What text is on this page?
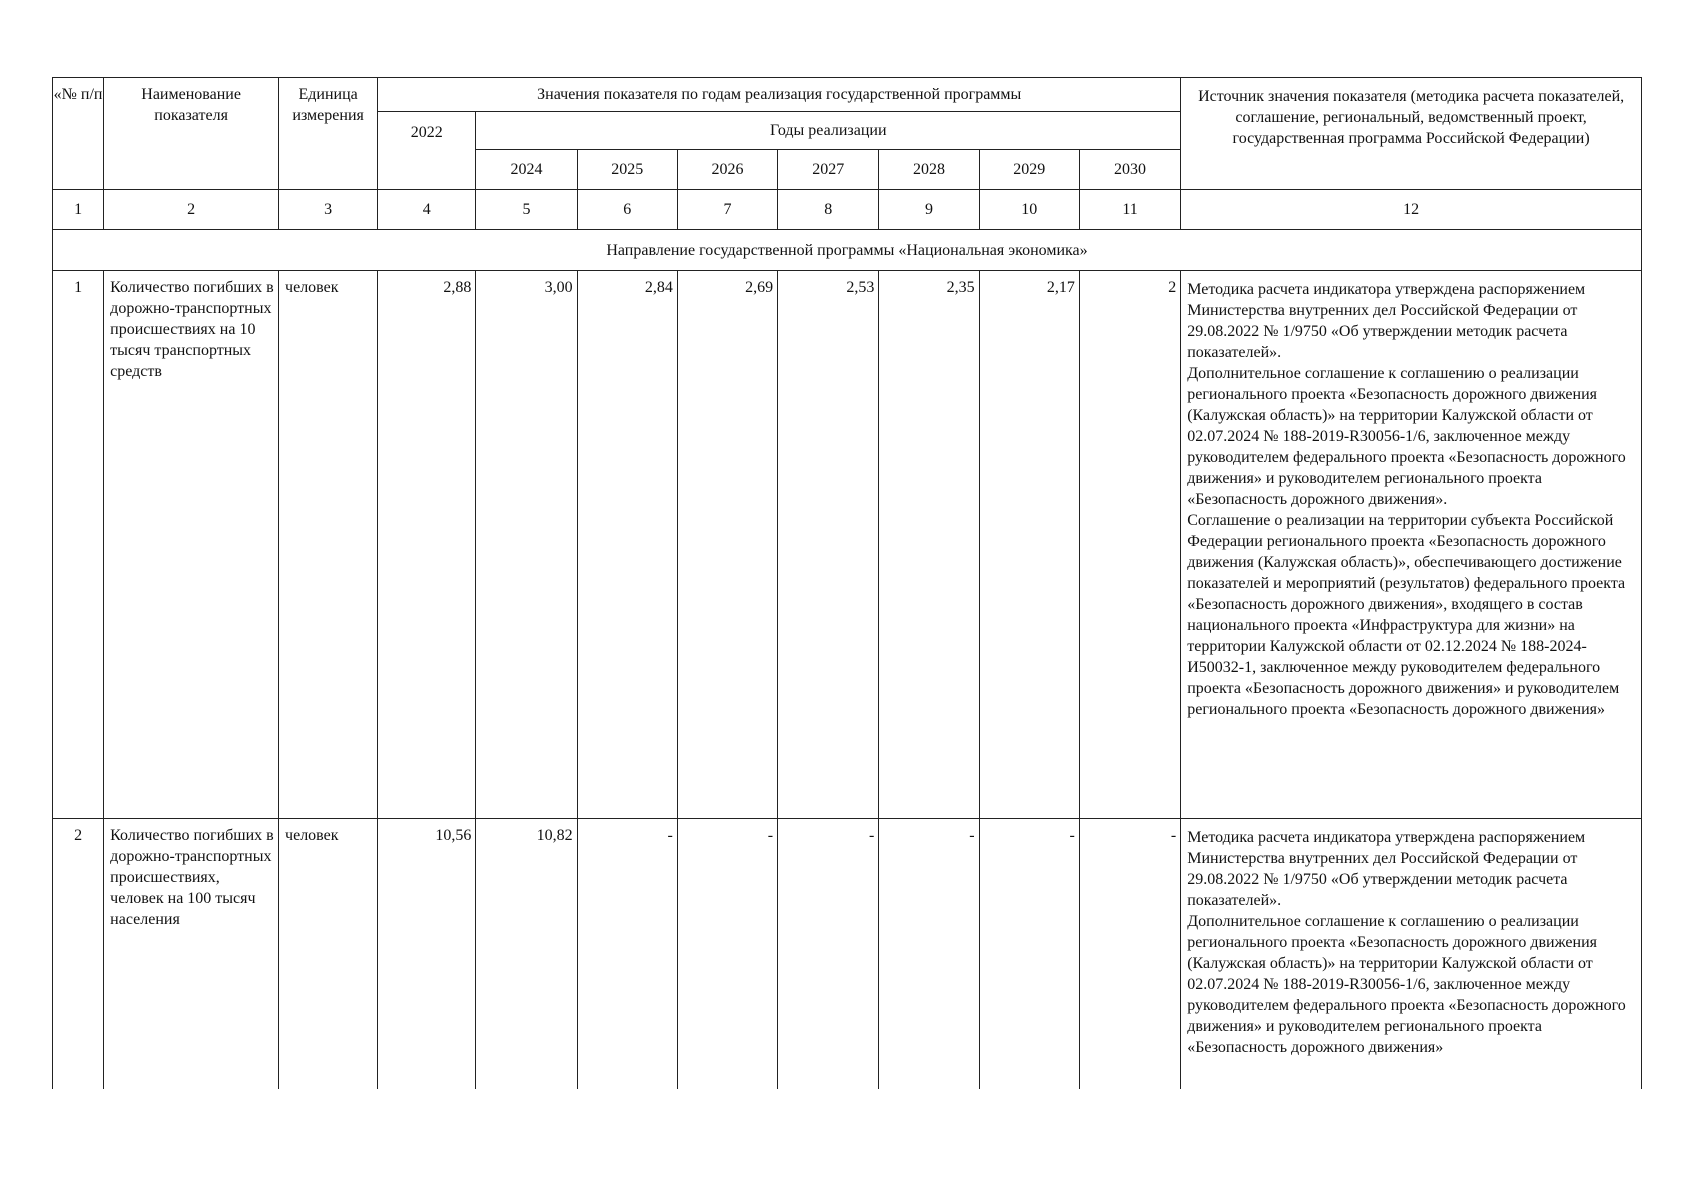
«№ п/п	Наименование показателя	Единица измерения	Значения показателя по годам реализация государственной программы								Источник значения показателя (методика расчета показателей, соглашение, региональный, ведомственный проект, государственная программа Российской Федерации)
			2022	Годы реализации							
				2024	2025	2026	2027	2028	2029	2030	
1	2	3	4	5	6	7	8	9	10	11	12
Направление государственной программы «Национальная экономика»											
1	Количество погибших в дорожно-транспортных происшествиях на 10 тысяч транспортных средств	человек	2,88	3,00	2,84	2,69	2,53	2,35	2,17	2	Методика расчета индикатора утверждена распоряжением Министерства внутренних дел Российской Федерации от 29.08.2022 № 1/9750 «Об утверждении методик расчета показателей».
Дополнительное соглашение к соглашению о реализации регионального проекта «Безопасность дорожного движения (Калужская область)» на территории Калужской области от 02.07.2024 № 188-2019-R30056-1/6, заключенное между руководителем федерального проекта «Безопасность дорожного движения» и руководителем регионального проекта «Безопасность дорожного движения».
Соглашение о реализации на территории субъекта Российской Федерации регионального проекта «Безопасность дорожного движения (Калужская область)», обеспечивающего достижение показателей и мероприятий (результатов) федерального проекта «Безопасность дорожного движения», входящего в состав национального проекта «Инфраструктура для жизни» на территории Калужской области от 02.12.2024 № 188-2024-И50032-1, заключенное между руководителем федерального проекта «Безопасность дорожного движения» и руководителем регионального проекта «Безопасность дорожного движения»

2	Количество погибших в дорожно-транспортных происшествиях, человек на 100 тысяч населения	человек	10,56	10,82	-	-	-	-	-	-	Методика расчета индикатора утверждена распоряжением Министерства внутренних дел Российской Федерации от 29.08.2022 № 1/9750 «Об утверждении методик расчета показателей».
Дополнительное соглашение к соглашению о реализации регионального проекта «Безопасность дорожного движения (Калужская область)» на территории Калужской области от 02.07.2024 № 188-2019-R30056-1/6, заключенное между руководителем федерального проекта «Безопасность дорожного движения» и руководителем регионального проекта «Безопасность дорожного движения»
